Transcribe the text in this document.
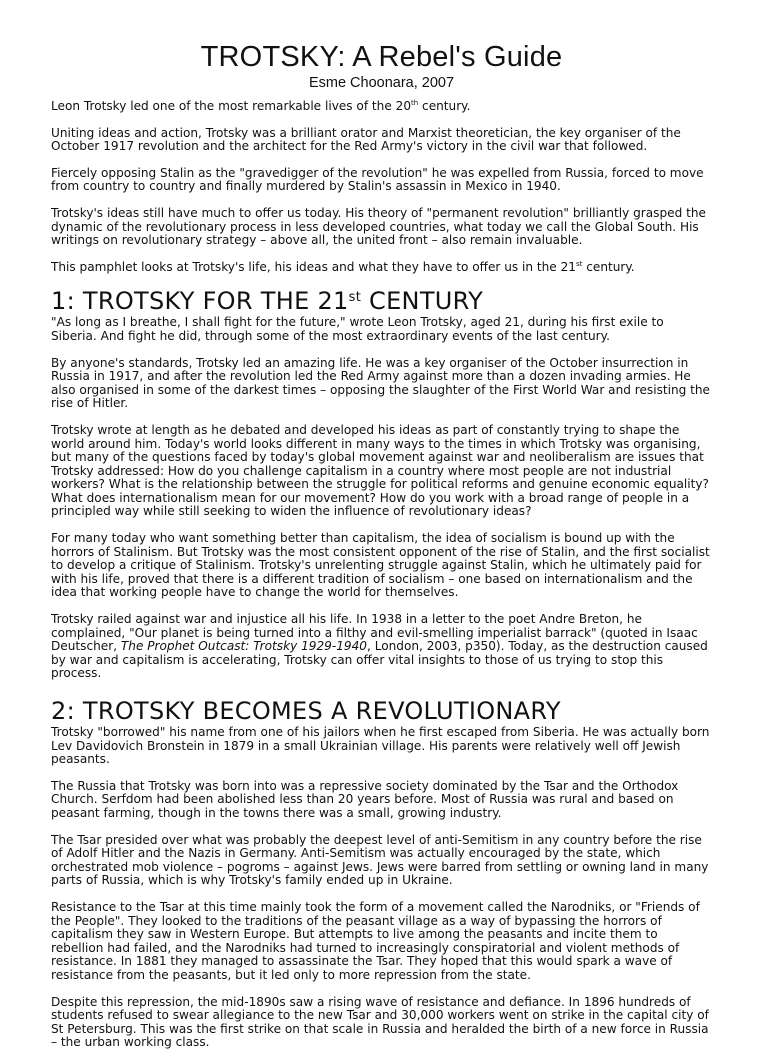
TROTSKY: A Rebel's Guide
Esme Choonara, 2007

Leon Trotsky led one of the most remarkable lives of the 20th century.

Uniting ideas and action, Trotsky was a brilliant orator and Marxist theoretician, the key organiser of the October 1917 revolution and the architect for the Red Army's victory in the civil war that followed.

Fiercely opposing Stalin as the "gravedigger of the revolution" he was expelled from Russia, forced to move from country to country and finally murdered by Stalin's assassin in Mexico in 1940.

Trotsky's ideas still have much to offer us today. His theory of "permanent revolution" brilliantly grasped the dynamic of the revolutionary process in less developed countries, what today we call the Global South. His writings on revolutionary strategy – above all, the united front – also remain invaluable.

This pamphlet looks at Trotsky's life, his ideas and what they have to offer us in the 21st century.

1: TROTSKY FOR THE 21st CENTURY

"As long as I breathe, I shall fight for the future," wrote Leon Trotsky, aged 21, during his first exile to Siberia. And fight he did, through some of the most extraordinary events of the last century.

By anyone's standards, Trotsky led an amazing life. He was a key organiser of the October insurrection in Russia in 1917, and after the revolution led the Red Army against more than a dozen invading armies. He also organised in some of the darkest times – opposing the slaughter of the First World War and resisting the rise of Hitler.

Trotsky wrote at length as he debated and developed his ideas as part of constantly trying to shape the world around him. Today's world looks different in many ways to the times in which Trotsky was organising, but many of the questions faced by today's global movement against war and neoliberalism are issues that Trotsky addressed: How do you challenge capitalism in a country where most people are not industrial workers? What is the relationship between the struggle for political reforms and genuine economic equality? What does internationalism mean for our movement? How do you work with a broad range of people in a principled way while still seeking to widen the influence of revolutionary ideas?

For many today who want something better than capitalism, the idea of socialism is bound up with the horrors of Stalinism. But Trotsky was the most consistent opponent of the rise of Stalin, and the first socialist to develop a critique of Stalinism. Trotsky's unrelenting struggle against Stalin, which he ultimately paid for with his life, proved that there is a different tradition of socialism – one based on internationalism and the idea that working people have to change the world for themselves.

Trotsky railed against war and injustice all his life. In 1938 in a letter to the poet Andre Breton, he complained, "Our planet is being turned into a filthy and evil-smelling imperialist barrack" (quoted in Isaac Deutscher, The Prophet Outcast: Trotsky 1929-1940, London, 2003, p350). Today, as the destruction caused by war and capitalism is accelerating, Trotsky can offer vital insights to those of us trying to stop this process.

2: TROTSKY BECOMES A REVOLUTIONARY

Trotsky "borrowed" his name from one of his jailors when he first escaped from Siberia. He was actually born Lev Davidovich Bronstein in 1879 in a small Ukrainian village. His parents were relatively well off Jewish peasants.

The Russia that Trotsky was born into was a repressive society dominated by the Tsar and the Orthodox Church. Serfdom had been abolished less than 20 years before. Most of Russia was rural and based on peasant farming, though in the towns there was a small, growing industry.

The Tsar presided over what was probably the deepest level of anti-Semitism in any country before the rise of Adolf Hitler and the Nazis in Germany. Anti-Semitism was actually encouraged by the state, which orchestrated mob violence – pogroms – against Jews. Jews were barred from settling or owning land in many parts of Russia, which is why Trotsky's family ended up in Ukraine.

Resistance to the Tsar at this time mainly took the form of a movement called the Narodniks, or "Friends of the People". They looked to the traditions of the peasant village as a way of bypassing the horrors of capitalism they saw in Western Europe. But attempts to live among the peasants and incite them to rebellion had failed, and the Narodniks had turned to increasingly conspiratorial and violent methods of resistance. In 1881 they managed to assassinate the Tsar. They hoped that this would spark a wave of resistance from the peasants, but it led only to more repression from the state.

Despite this repression, the mid-1890s saw a rising wave of resistance and defiance. In 1896 hundreds of students refused to swear allegiance to the new Tsar and 30,000 workers went on strike in the capital city of St Petersburg. This was the first strike on that scale in Russia and heralded the birth of a new force in Russia – the urban working class.
